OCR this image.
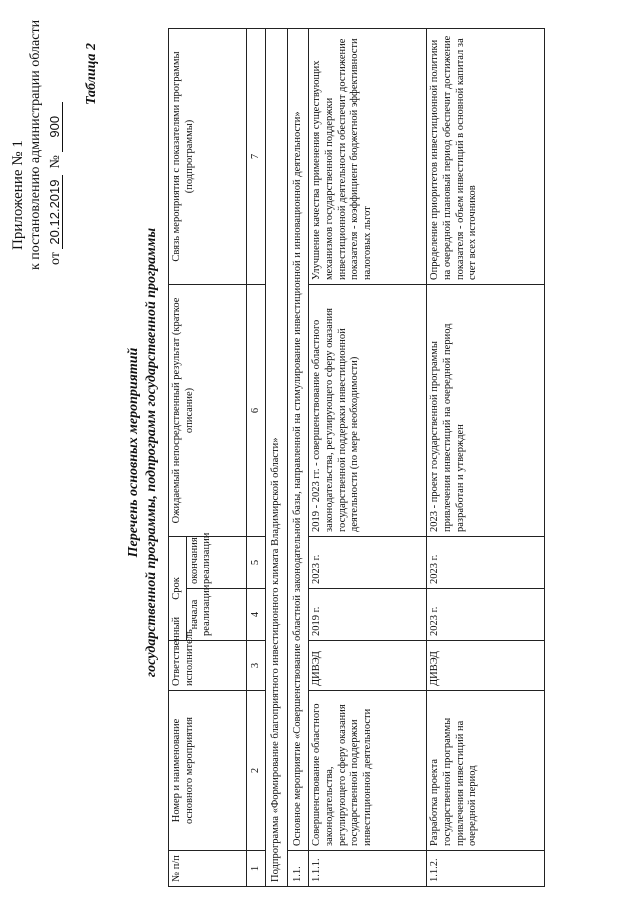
Приложение № 1 к постановлению администрации области от 20.12.2019  № 900
Таблица 2
Перечень основных мероприятий государственной программы, подпрограмм государственной программы
№ п/п	Номер и наименование основного мероприятия	Ответственный исполнитель	Срок		Ожидаемый непосредственный результат (краткое описание)	Связь мероприятия с показателями программы (подпрограммы)
			начала реализации	окончания реализации		
1	2	3	4	5	6	7
Подпрограмма «Формирование благоприятного инвестиционного климата Владимирской области»						
1.1.	Основное мероприятие «Совершенствование областной законодательной базы, направленной на стимулирование инвестиционной и инновационной деятельности»					
1.1.1.	Совершенствование областного законодательства, регулирующего сферу оказания государственной поддержки инвестиционной деятельности	ДИВЭД	2019 г.	2023 г.	2019 - 2023 гг. - совершенствование областного законодательства, регулирующего сферу оказания государственной поддержки инвестиционной деятельности (по мере необходимости)	Улучшение качества применения существующих механизмов государственной поддержки инвестиционной деятельности обеспечит достижение показателя - коэффициент бюджетной эффективности налоговых льгот
1.1.2.	Разработка проекта государственной программы привлечения инвестиций на очередной период	ДИВЭД	2023 г.	2023 г.	2023 - проект государственной программы привлечения инвестиций на очередной период разработан и утвержден	Определение приоритетов инвестиционной политики на очередной плановый период обеспечит достижение показателя - объем инвестиций в основной капитал за счет всех источников
